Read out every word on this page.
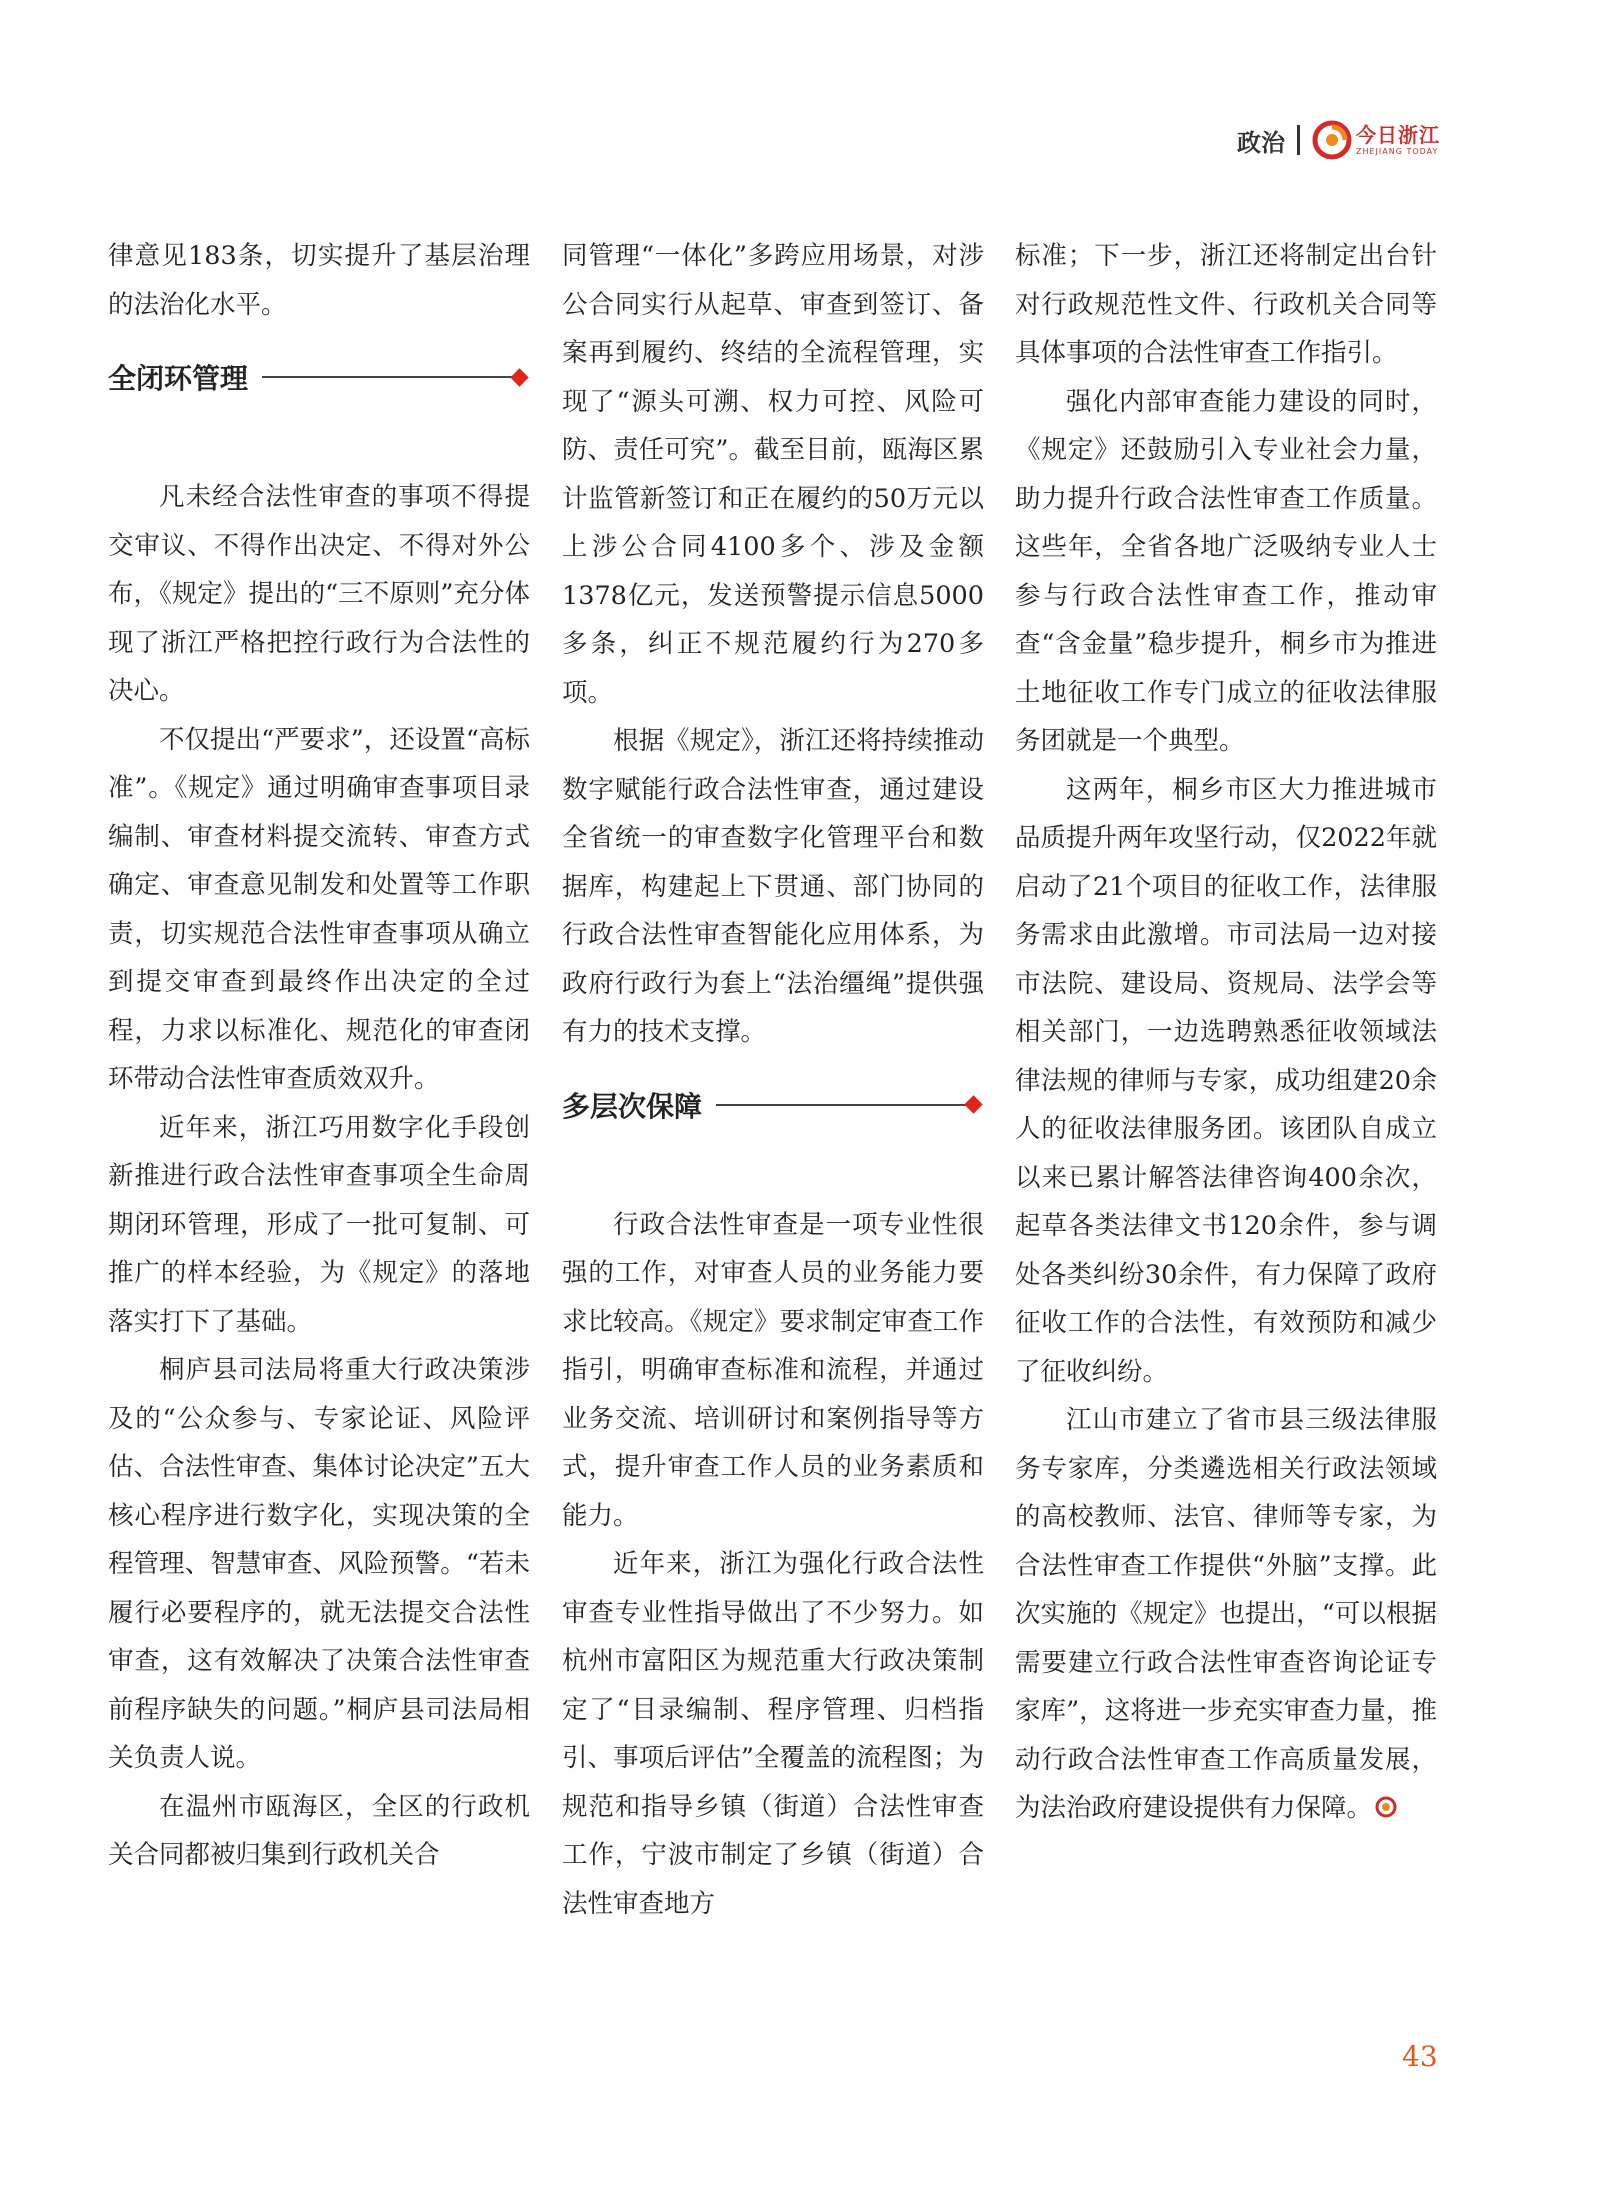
政治	今日浙江
ZHEJIANG TODAY

律意见183条，切实提升了基层治理的法治化水平。

全闭环管理

凡未经合法性审查的事项不得提交审议、不得作出决定、不得对外公布，《规定》提出的“三不原则”充分体现了浙江严格把控行政行为合法性的决心。

不仅提出“严要求”，还设置“高标准”。《规定》通过明确审查事项目录编制、审查材料提交流转、审查方式确定、审查意见制发和处置等工作职责，切实规范合法性审查事项从确立到提交审查到最终作出决定的全过程，力求以标准化、规范化的审查闭环带动合法性审查质效双升。

近年来，浙江巧用数字化手段创新推进行政合法性审查事项全生命周期闭环管理，形成了一批可复制、可推广的样本经验，为《规定》的落地落实打下了基础。

桐庐县司法局将重大行政决策涉及的“公众参与、专家论证、风险评估、合法性审查、集体讨论决定”五大核心程序进行数字化，实现决策的全程管理、智慧审查、风险预警。“若未履行必要程序的，就无法提交合法性审查，这有效解决了决策合法性审查前程序缺失的问题。”桐庐县司法局相关负责人说。

在温州市瓯海区，全区的行政机关合同都被归集到行政机关合

同管理“一体化”多跨应用场景，对涉公合同实行从起草、审查到签订、备案再到履约、终结的全流程管理，实现了“源头可溯、权力可控、风险可防、责任可究”。截至目前，瓯海区累计监管新签订和正在履约的50万元以上涉公合同4100多个、涉及金额1378亿元，发送预警提示信息5000多条，纠正不规范履约行为270多项。

根据《规定》，浙江还将持续推动数字赋能行政合法性审查，通过建设全省统一的审查数字化管理平台和数据库，构建起上下贯通、部门协同的行政合法性审查智能化应用体系，为政府行政行为套上“法治缰绳”提供强有力的技术支撑。

多层次保障

行政合法性审查是一项专业性很强的工作，对审查人员的业务能力要求比较高。《规定》要求制定审查工作指引，明确审查标准和流程，并通过业务交流、培训研讨和案例指导等方式，提升审查工作人员的业务素质和能力。

近年来，浙江为强化行政合法性审查专业性指导做出了不少努力。如杭州市富阳区为规范重大行政决策制定了“目录编制、程序管理、归档指引、事项后评估”全覆盖的流程图；为规范和指导乡镇（街道）合法性审查工作，宁波市制定了乡镇（街道）合法性审查地方

标准；下一步，浙江还将制定出台针对行政规范性文件、行政机关合同等具体事项的合法性审查工作指引。

强化内部审查能力建设的同时，《规定》还鼓励引入专业社会力量，助力提升行政合法性审查工作质量。这些年，全省各地广泛吸纳专业人士参与行政合法性审查工作，推动审查“含金量”稳步提升，桐乡市为推进土地征收工作专门成立的征收法律服务团就是一个典型。

这两年，桐乡市区大力推进城市品质提升两年攻坚行动，仅2022年就启动了21个项目的征收工作，法律服务需求由此激增。市司法局一边对接市法院、建设局、资规局、法学会等相关部门，一边选聘熟悉征收领域法律法规的律师与专家，成功组建20余人的征收法律服务团。该团队自成立以来已累计解答法律咨询400余次，起草各类法律文书120余件，参与调处各类纠纷30余件，有力保障了政府征收工作的合法性，有效预防和减少了征收纠纷。

江山市建立了省市县三级法律服务专家库，分类遴选相关行政法领域的高校教师、法官、律师等专家，为合法性审查工作提供“外脑”支撑。此次实施的《规定》也提出，“可以根据需要建立行政合法性审查咨询论证专家库”，这将进一步充实审查力量，推动行政合法性审查工作高质量发展，为法治政府建设提供有力保障。

43
